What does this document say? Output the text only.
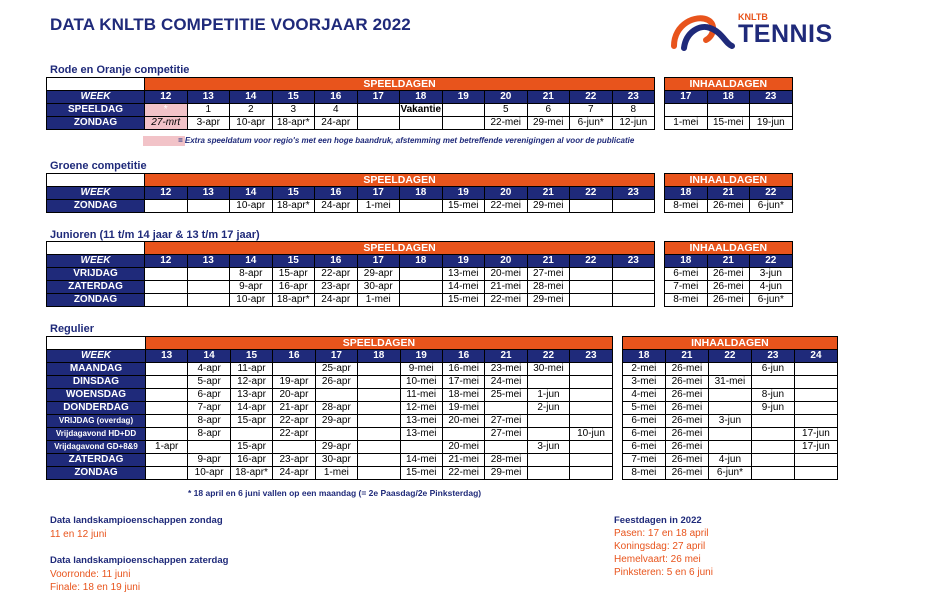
DATA KNLTB COMPETITIE VOORJAAR 2022	KNLTB
TENNIS
Rode en Oranje competitie
	SPEELDAGEN													INHAALDAGEN		
WEEK	12	13	14	15	16	17	18	19	20	21	22	23		17	18	23
SPEELDAG	*	1	2	3	4		Vakantie		5	6	7	8				
ZONDAG	27-mrt	3-apr	10-apr	18-apr*	24-apr				22-mei	29-mei	6-jun*	12-jun		1-mei	15-mei	19-jun
= Extra speeldatum voor regio's met een hoge baandruk, afstemming met betreffende verenigingen al voor de publicatie
Groene competitie
	SPEELDAGEN													INHAALDAGEN		
WEEK	12	13	14	15	16	17	18	19	20	21	22	23		18	21	22
ZONDAG			10-apr	18-apr*	24-apr	1-mei		15-mei	22-mei	29-mei				8-mei	26-mei	6-jun*
Junioren (11 t/m 14 jaar & 13 t/m 17 jaar)
	SPEELDAGEN													INHAALDAGEN		
WEEK	12	13	14	15	16	17	18	19	20	21	22	23		18	21	22
VRIJDAG			8-apr	15-apr	22-apr	29-apr		13-mei	20-mei	27-mei				6-mei	26-mei	3-jun
ZATERDAG			9-apr	16-apr	23-apr	30-apr		14-mei	21-mei	28-mei				7-mei	26-mei	4-jun
ZONDAG			10-apr	18-apr*	24-apr	1-mei		15-mei	22-mei	29-mei				8-mei	26-mei	6-jun*
Regulier
	SPEELDAGEN												INHAALDAGEN				
WEEK	13	14	15	16	17	18	19	16	21	22	23		18	21	22	23	24
MAANDAG		4-apr	11-apr		25-apr		9-mei	16-mei	23-mei	30-mei			2-mei	26-mei		6-jun	
DINSDAG		5-apr	12-apr	19-apr	26-apr		10-mei	17-mei	24-mei				3-mei	26-mei	31-mei		
WOENSDAG		6-apr	13-apr	20-apr			11-mei	18-mei	25-mei	1-jun			4-mei	26-mei		8-jun	
DONDERDAG		7-apr	14-apr	21-apr	28-apr		12-mei	19-mei		2-jun			5-mei	26-mei		9-jun	
VRIJDAG (overdag)		8-apr	15-apr	22-apr	29-apr		13-mei	20-mei	27-mei				6-mei	26-mei	3-jun		
Vrijdagavond HD+DD		8-apr		22-apr			13-mei		27-mei		10-jun		6-mei	26-mei			17-jun
Vrijdagavond GD+8&9	1-apr		15-apr		29-apr			20-mei		3-jun			6-mei	26-mei			17-jun
ZATERDAG		9-apr	16-apr	23-apr	30-apr		14-mei	21-mei	28-mei				7-mei	26-mei	4-jun		
ZONDAG		10-apr	18-apr*	24-apr	1-mei		15-mei	22-mei	29-mei				8-mei	26-mei	6-jun*		
* 18 april en 6 juni vallen op een maandag (= 2e Paasdag/2e Pinksterdag)
Data landskampioenschappen zondag
11 en 12 juni
Data landskampioenschappen zaterdag
Voorronde: 11 juni
Finale: 18 en 19 juni
Feestdagen in 2022
Pasen: 17 en 18 april
Koningsdag: 27 april
Hemelvaart: 26 mei
Pinksteren: 5 en 6 juni
